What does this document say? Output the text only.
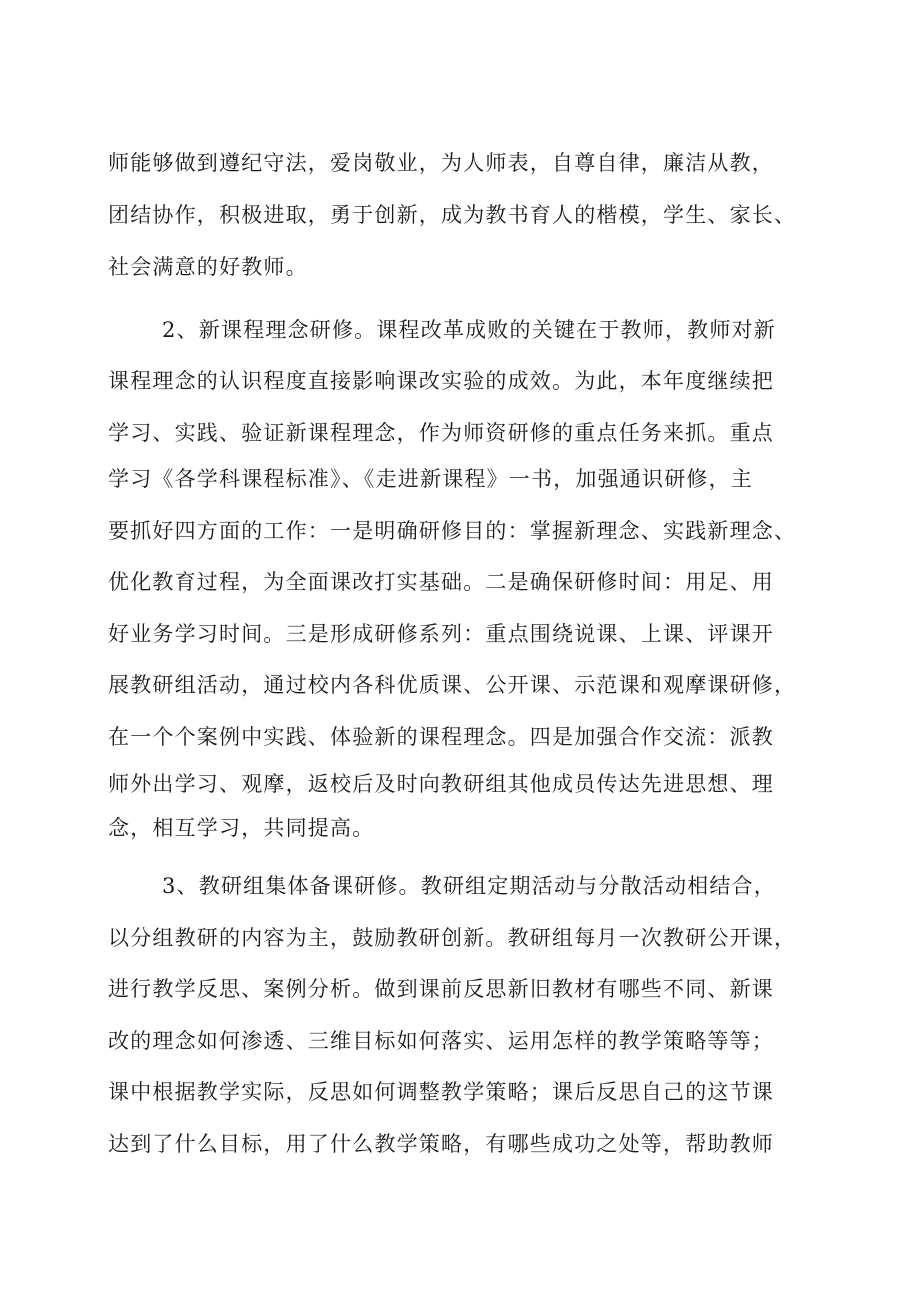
师能够做到遵纪守法，爱岗敬业，为人师表，自尊自律，廉洁从教，
团结协作，积极进取，勇于创新，成为教书育人的楷模，学生、家长、
社会满意的好教师。
2、新课程理念研修。课程改革成败的关键在于教师，教师对新
课程理念的认识程度直接影响课改实验的成效。为此，本年度继续把
学习、实践、验证新课程理念，作为师资研修的重点任务来抓。重点
学习《各学科课程标准》、《走进新课程》一书，加强通识研修，主
要抓好四方面的工作：一是明确研修目的：掌握新理念、实践新理念、
优化教育过程，为全面课改打实基础。二是确保研修时间：用足、用
好业务学习时间。三是形成研修系列：重点围绕说课、上课、评课开
展教研组活动，通过校内各科优质课、公开课、示范课和观摩课研修，
在一个个案例中实践、体验新的课程理念。四是加强合作交流：派教
师外出学习、观摩，返校后及时向教研组其他成员传达先进思想、理
念，相互学习，共同提高。
3、教研组集体备课研修。教研组定期活动与分散活动相结合，
以分组教研的内容为主，鼓励教研创新。教研组每月一次教研公开课，
进行教学反思、案例分析。做到课前反思新旧教材有哪些不同、新课
改的理念如何渗透、三维目标如何落实、运用怎样的教学策略等等；
课中根据教学实际，反思如何调整教学策略；课后反思自己的这节课
达到了什么目标，用了什么教学策略，有哪些成功之处等，帮助教师
